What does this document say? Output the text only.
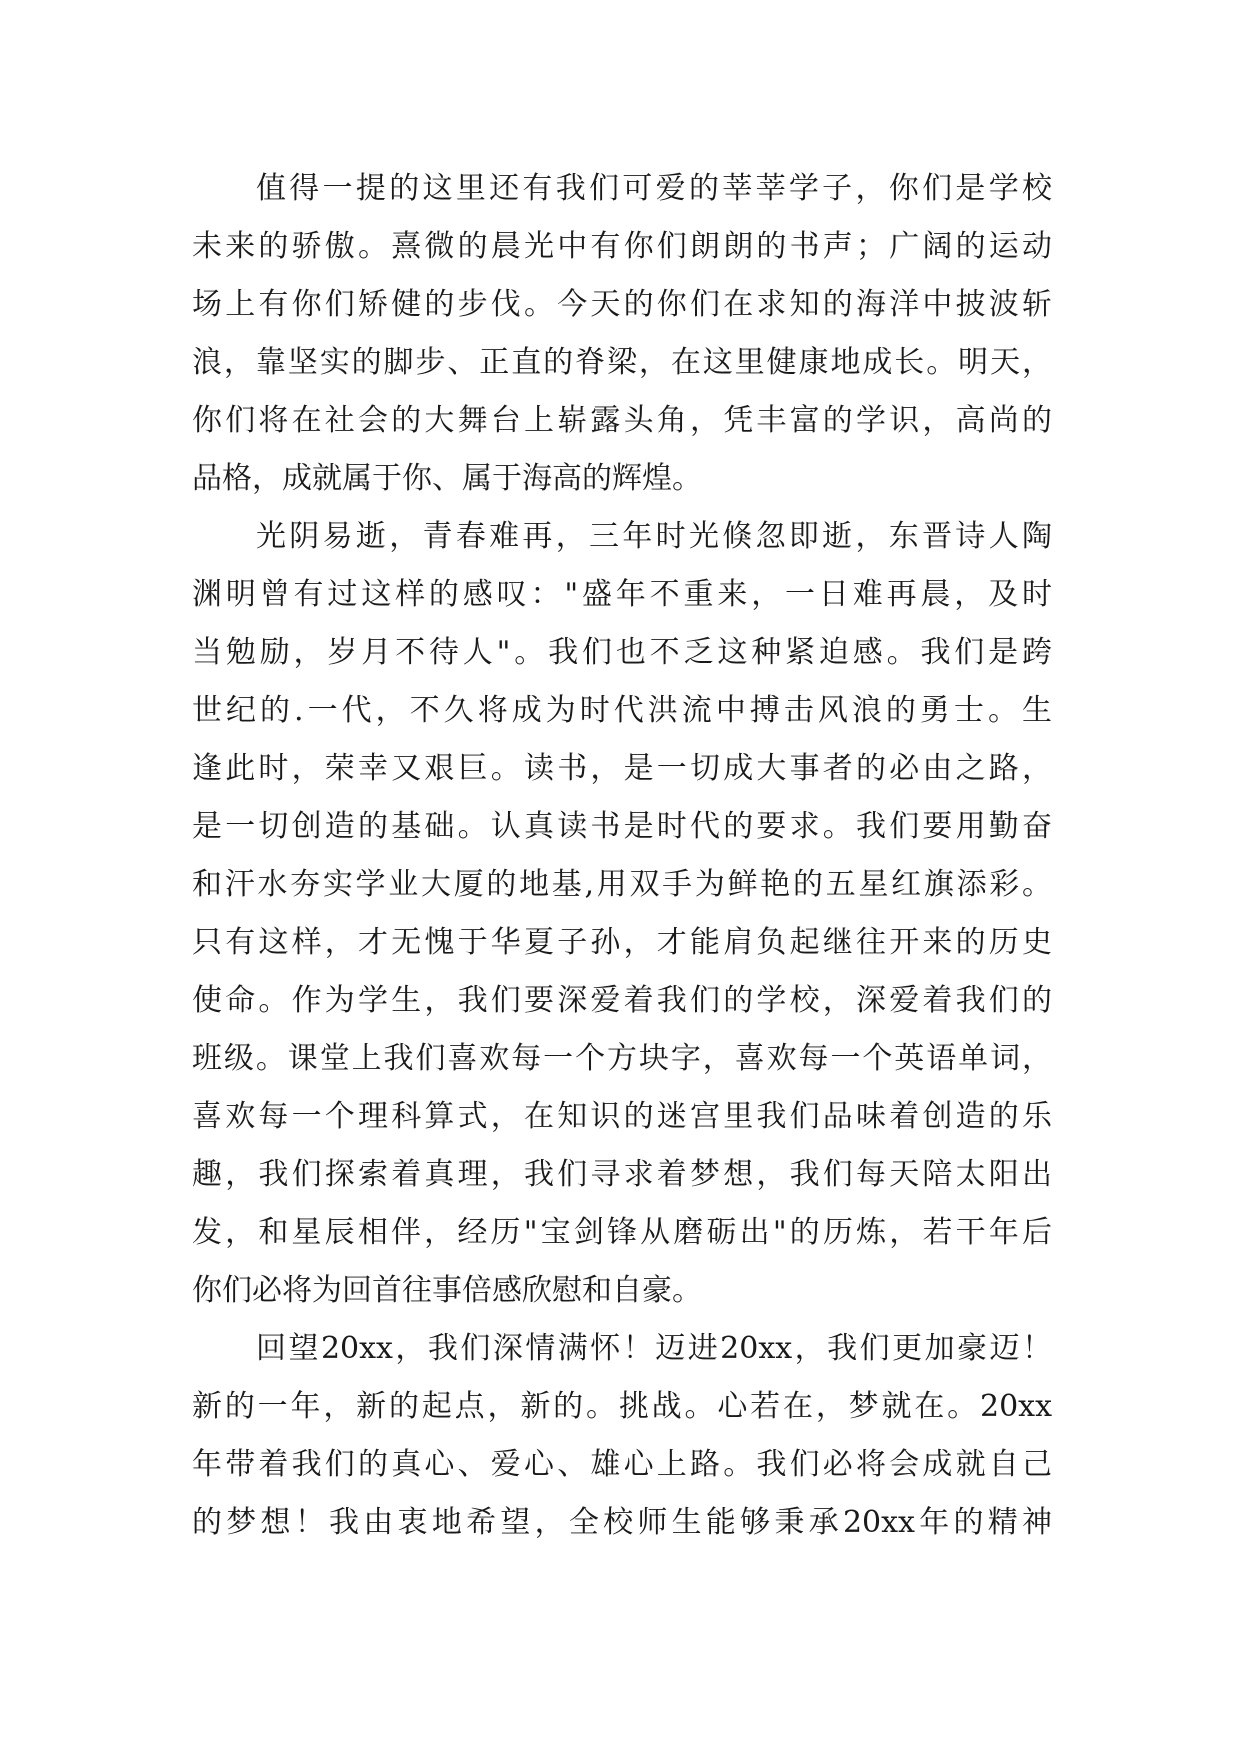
值得一提的这里还有我们可爱的莘莘学子，你们是学校
未来的骄傲。熹微的晨光中有你们朗朗的书声；广阔的运动
场上有你们矫健的步伐。今天的你们在求知的海洋中披波斩
浪，靠坚实的脚步、正直的脊梁，在这里健康地成长。明天，
你们将在社会的大舞台上崭露头角，凭丰富的学识，高尚的
品格，成就属于你、属于海高的辉煌。

光阴易逝，青春难再，三年时光倏忽即逝，东晋诗人陶
渊明曾有过这样的感叹："盛年不重来，一日难再晨，及时
当勉励，岁月不待人"。我们也不乏这种紧迫感。我们是跨
世纪的.一代，不久将成为时代洪流中搏击风浪的勇士。生
逢此时，荣幸又艰巨。读书，是一切成大事者的必由之路，
是一切创造的基础。认真读书是时代的要求。我们要用勤奋
和汗水夯实学业大厦的地基,用双手为鲜艳的五星红旗添彩。
只有这样，才无愧于华夏子孙，才能肩负起继往开来的历史
使命。作为学生，我们要深爱着我们的学校，深爱着我们的
班级。课堂上我们喜欢每一个方块字，喜欢每一个英语单词，
喜欢每一个理科算式，在知识的迷宫里我们品味着创造的乐
趣，我们探索着真理，我们寻求着梦想，我们每天陪太阳出
发，和星辰相伴，经历"宝剑锋从磨砺出"的历炼，若干年后
你们必将为回首往事倍感欣慰和自豪。

回望20xx，我们深情满怀！迈进20xx，我们更加豪迈！
新的一年，新的起点，新的。挑战。心若在，梦就在。20xx
年带着我们的真心、爱心、雄心上路。我们必将会成就自己
的梦想！我由衷地希望，全校师生能够秉承20xx年的精神
